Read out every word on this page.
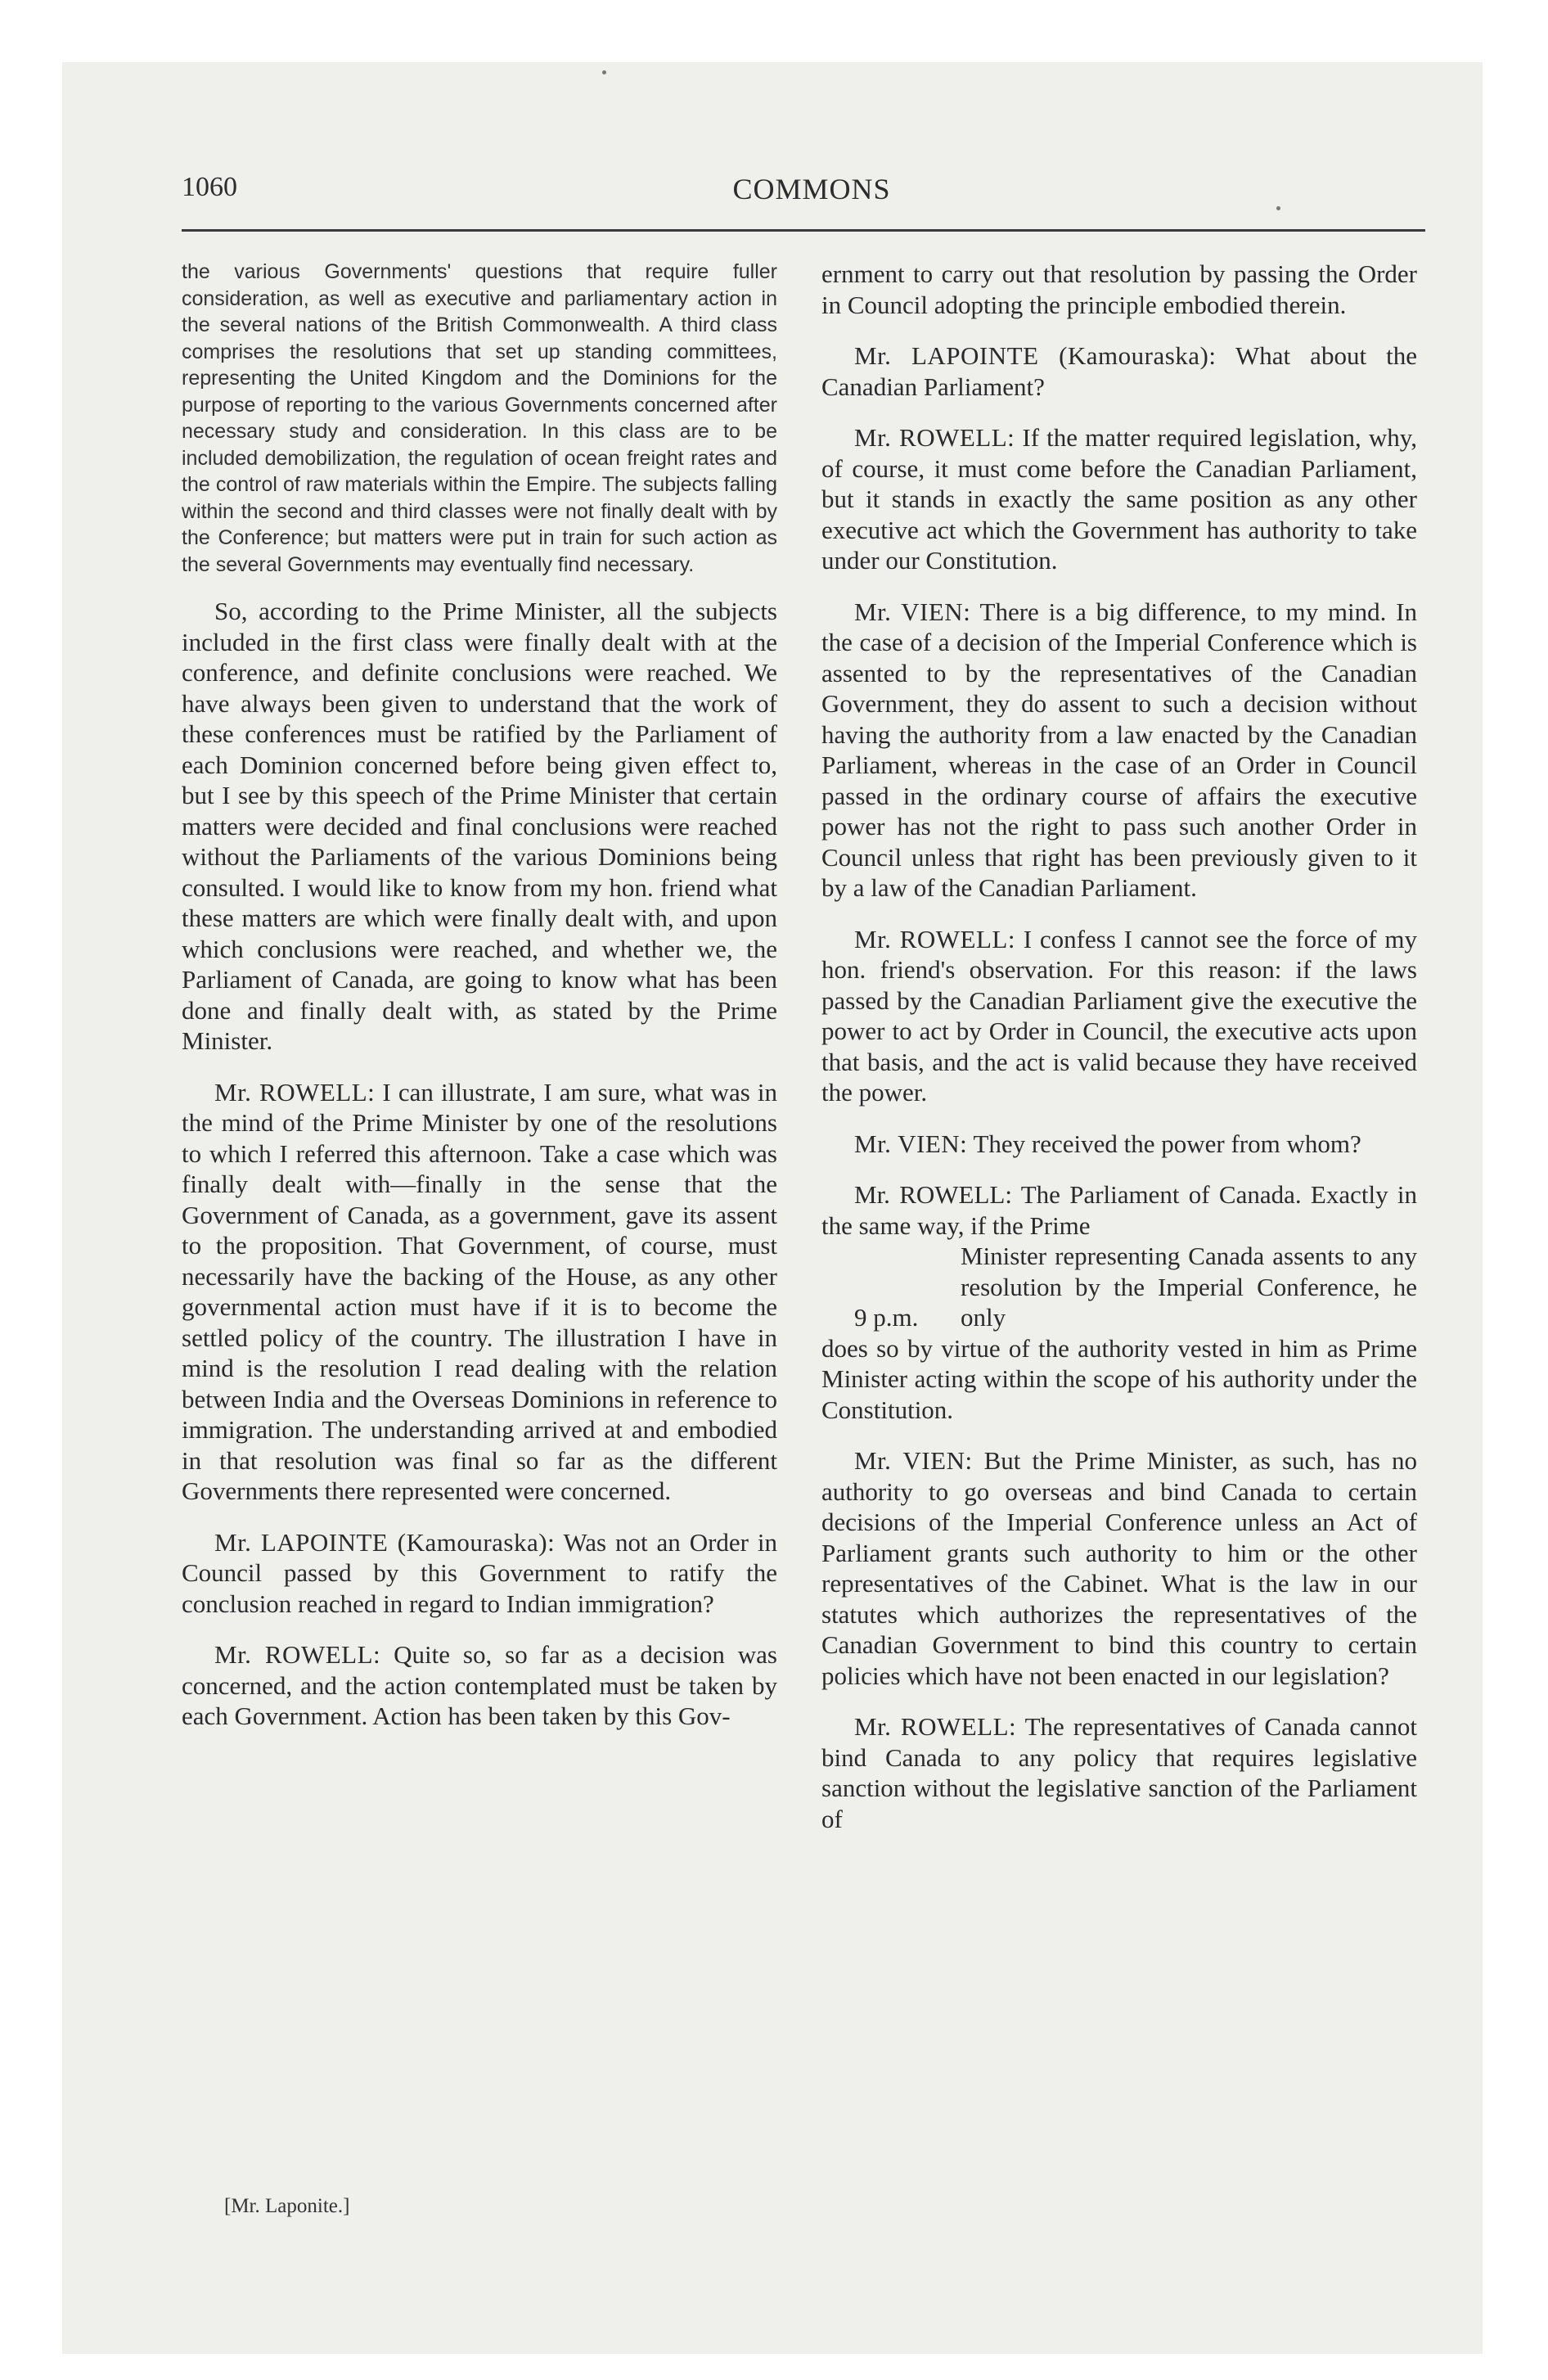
1060	COMMONS

the various Governments' questions that require fuller consideration, as well as executive and parliamentary action in the several nations of the British Commonwealth. A third class comprises the resolutions that set up standing committees, representing the United Kingdom and the Dominions for the purpose of reporting to the various Governments concerned after necessary study and consideration. In this class are to be included demobilization, the regulation of ocean freight rates and the control of raw materials within the Empire. The subjects falling within the second and third classes were not finally dealt with by the Conference; but matters were put in train for such action as the several Governments may eventually find necessary.

So, according to the Prime Minister, all the subjects included in the first class were finally dealt with at the conference, and definite conclusions were reached. We have always been given to understand that the work of these conferences must be ratified by the Parliament of each Dominion concerned before being given effect to, but I see by this speech of the Prime Minister that certain matters were decided and final conclusions were reached without the Parliaments of the various Dominions being consulted. I would like to know from my hon. friend what these matters are which were finally dealt with, and upon which conclusions were reached, and whether we, the Parliament of Canada, are going to know what has been done and finally dealt with, as stated by the Prime Minister.

Mr. ROWELL: I can illustrate, I am sure, what was in the mind of the Prime Minister by one of the resolutions to which I referred this afternoon. Take a case which was finally dealt with—finally in the sense that the Government of Canada, as a government, gave its assent to the proposition. That Government, of course, must necessarily have the backing of the House, as any other governmental action must have if it is to become the settled policy of the country. The illustration I have in mind is the resolution I read dealing with the relation between India and the Overseas Dominions in reference to immigration. The understanding arrived at and embodied in that resolution was final so far as the different Governments there represented were concerned.

Mr. LAPOINTE (Kamouraska): Was not an Order in Council passed by this Government to ratify the conclusion reached in regard to Indian immigration?

Mr. ROWELL: Quite so, so far as a decision was concerned, and the action contemplated must be taken by each Government. Action has been taken by this Gov-

[Mr. Laponite.]

ernment to carry out that resolution by passing the Order in Council adopting the principle embodied therein.

Mr. LAPOINTE (Kamouraska): What about the Canadian Parliament?

Mr. ROWELL: If the matter required legislation, why, of course, it must come before the Canadian Parliament, but it stands in exactly the same position as any other executive act which the Government has authority to take under our Constitution.

Mr. VIEN: There is a big difference, to my mind. In the case of a decision of the Imperial Conference which is assented to by the representatives of the Canadian Government, they do assent to such a decision without having the authority from a law enacted by the Canadian Parliament, whereas in the case of an Order in Council passed in the ordinary course of affairs the executive power has not the right to pass such another Order in Council unless that right has been previously given to it by a law of the Canadian Parliament.

Mr. ROWELL: I confess I cannot see the force of my hon. friend's observation. For this reason: if the laws passed by the Canadian Parliament give the executive the power to act by Order in Council, the executive acts upon that basis, and the act is valid because they have received the power.

Mr. VIEN: They received the power from whom?

Mr. ROWELL: The Parliament of Canada. Exactly in the same way, if the Prime

9 p.m.
Minister representing Canada assents to any resolution by the Imperial Conference, he only

does so by virtue of the authority vested in him as Prime Minister acting within the scope of his authority under the Constitution.

Mr. VIEN: But the Prime Minister, as such, has no authority to go overseas and bind Canada to certain decisions of the Imperial Conference unless an Act of Parliament grants such authority to him or the other representatives of the Cabinet. What is the law in our statutes which authorizes the representatives of the Canadian Government to bind this country to certain policies which have not been enacted in our legislation?

Mr. ROWELL: The representatives of Canada cannot bind Canada to any policy that requires legislative sanction without the legislative sanction of the Parliament of
